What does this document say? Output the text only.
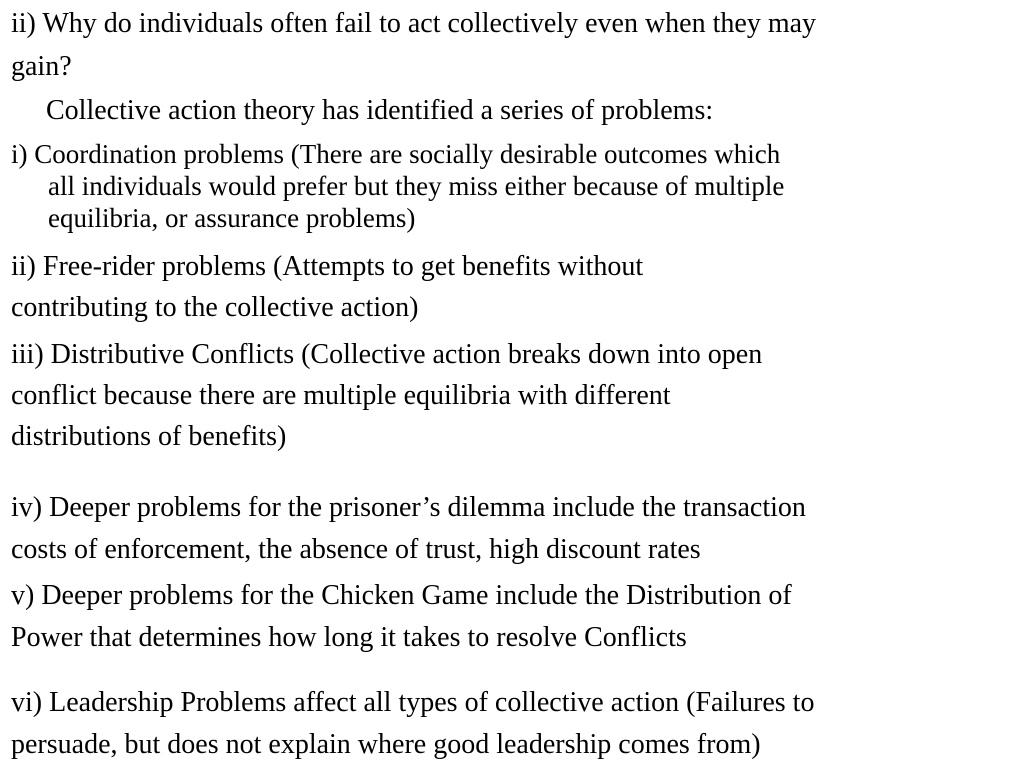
ii) Why do individuals often fail to act collectively even when they may
gain?
Collective action theory has identified a series of problems:
i) Coordination problems (There are socially desirable outcomes which
all individuals would prefer but they miss either because of multiple
equilibria, or assurance problems)
ii) Free-rider problems (Attempts to get benefits without
contributing to the collective action)
iii) Distributive Conflicts (Collective action breaks down into open
conflict because there are multiple equilibria with different
distributions of benefits)
iv) Deeper problems for the prisoner’s dilemma include the transaction
costs of enforcement, the absence of trust, high discount rates
v) Deeper problems for the Chicken Game include the Distribution of
Power that determines how long it takes to resolve Conflicts
vi) Leadership Problems affect all types of collective action (Failures to
persuade, but does not explain where good leadership comes from)
